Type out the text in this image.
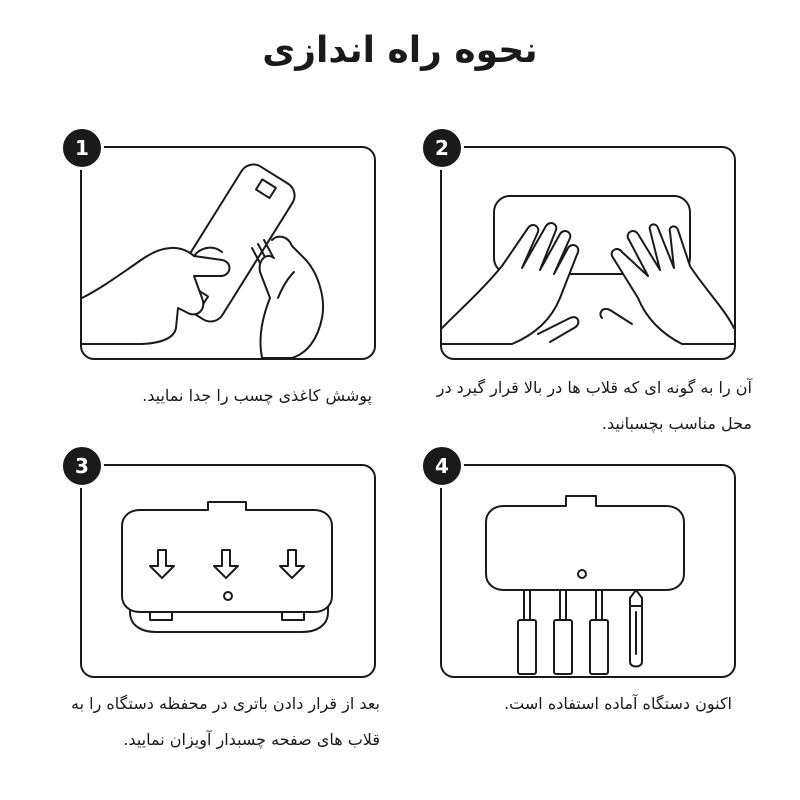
نحوه راه اندازی
1
پوشش کاغذی چسب را جدا نمایید.
2
آن را به گونه ای که قلاب ها در بالا قرار گیرد در محل مناسب بچسبانید.
3
بعد از قرار دادن باتری در محفظه دستگاه را به قلاب های صفحه چسبدار آویزان نمایید.
4
اکنون دستگاه آماده استفاده است.
